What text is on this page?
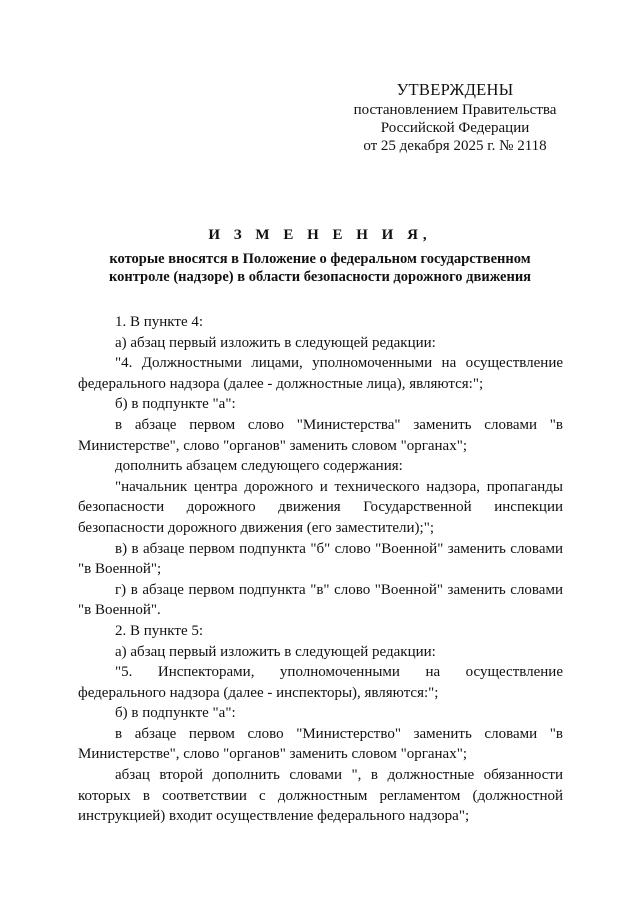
УТВЕРЖДЕНЫ
постановлением Правительства
Российской Федерации
от 25 декабря 2025 г. № 2118
И З М Е Н Е Н И Я,
которые вносятся в Положение о федеральном государственном
контроле (надзоре) в области безопасности дорожного движения

1. В пункте 4:

а) абзац первый изложить в следующей редакции:

"4. Должностными лицами, уполномоченными на осуществление федерального надзора (далее - должностные лица), являются:";

б) в подпункте "а":

в абзаце первом слово "Министерства" заменить словами "в Министерстве", слово "органов" заменить словом "органах";

дополнить абзацем следующего содержания:

"начальник центра дорожного и технического надзора, пропаганды безопасности дорожного движения Государственной инспекции безопасности дорожного движения (его заместители);";

в) в абзаце первом подпункта "б" слово "Военной" заменить словами "в Военной";

г) в абзаце первом подпункта "в" слово "Военной" заменить словами "в Военной".

2. В пункте 5:

а) абзац первый изложить в следующей редакции:

"5. Инспекторами, уполномоченными на осуществление федерального надзора (далее - инспекторы), являются:";

б) в подпункте "а":

в абзаце первом слово "Министерство" заменить словами "в Министерстве", слово "органов" заменить словом "органах";

абзац второй дополнить словами ", в должностные обязанности которых в соответствии с должностным регламентом (должностной инструкцией) входит осуществление федерального надзора";
